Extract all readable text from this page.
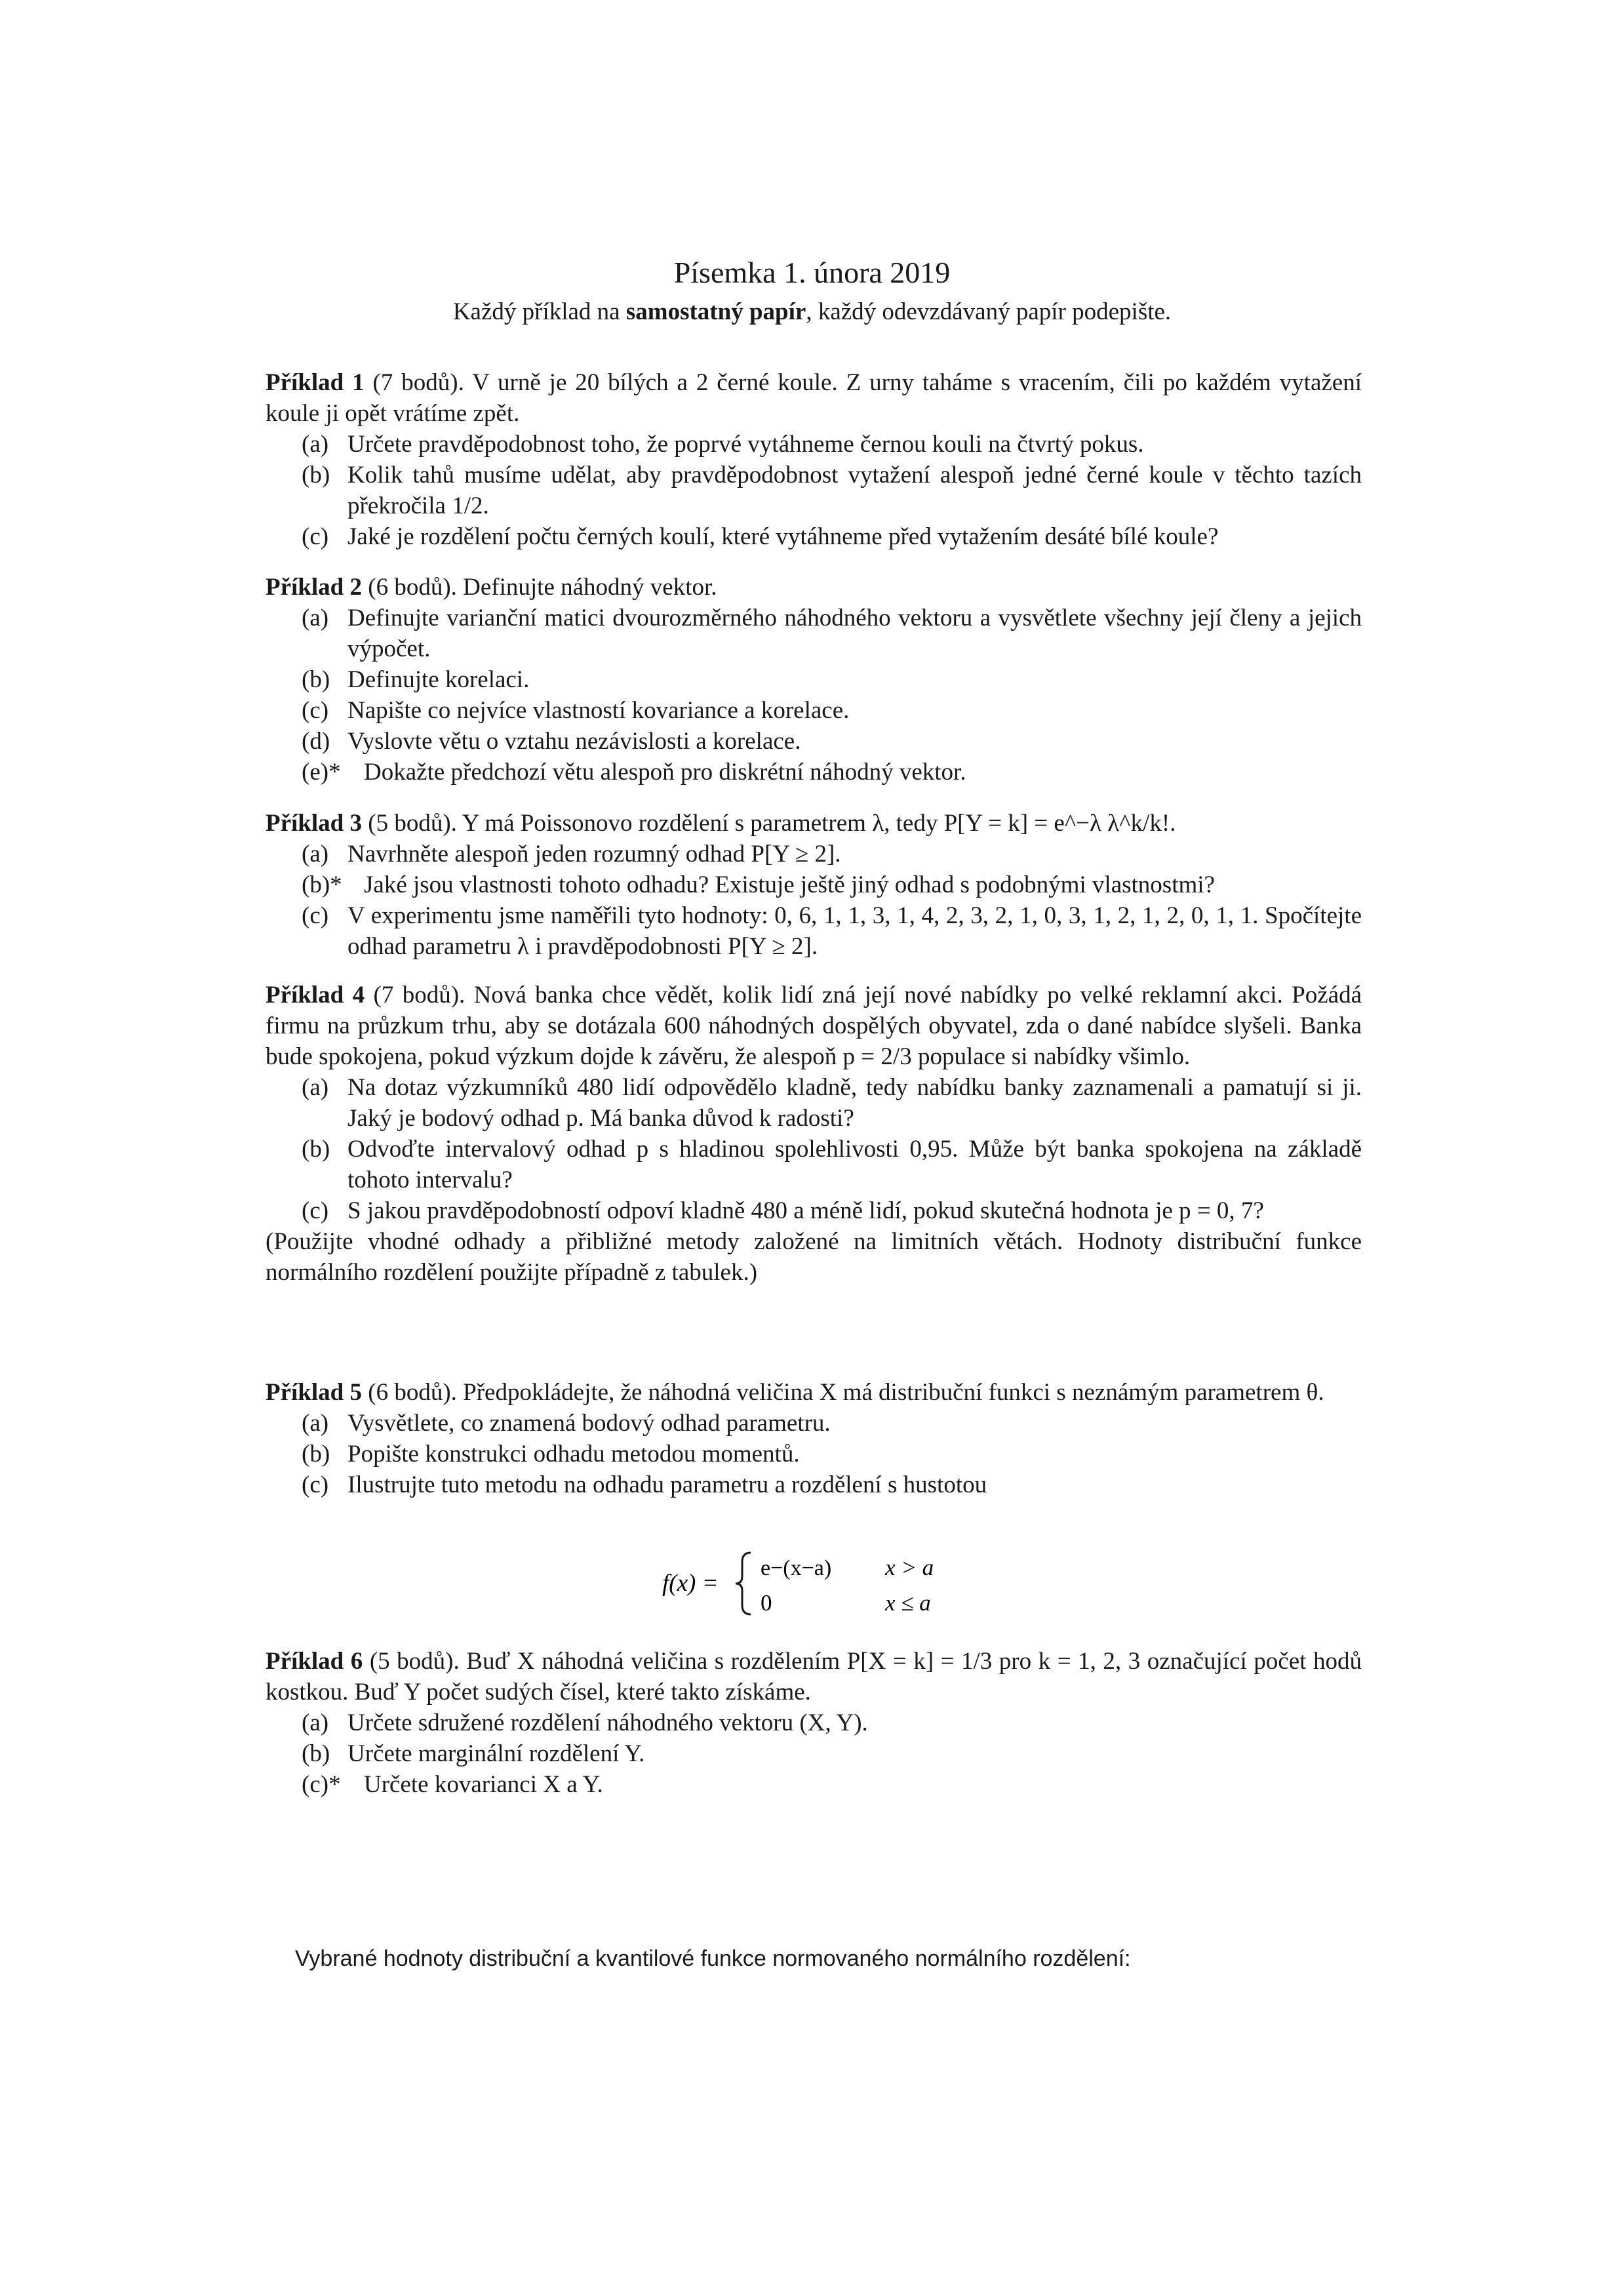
Písemka 1. února 2019
Každý příklad na samostatný papír, každý odevzdávaný papír podepište.
Příklad 1 (7 bodů). V urně je 20 bílých a 2 černé koule. Z urny taháme s vracením, čili po každém vytažení koule ji opět vrátíme zpět.
(a) Určete pravděpodobnost toho, že poprvé vytáhneme černou kouli na čtvrtý pokus.
(b) Kolik tahů musíme udělat, aby pravděpodobnost vytažení alespoň jedné černé koule v těchto tazích překročila 1/2.
(c) Jaké je rozdělení počtu černých koulí, které vytáhneme před vytažením desáté bílé koule?
Příklad 2 (6 bodů). Definujte náhodný vektor.
(a) Definujte varianční matici dvourozměrného náhodného vektoru a vysvětlete všechny její členy a jejich výpočet.
(b) Definujte korelaci.
(c) Napište co nejvíce vlastností kovariance a korelace.
(d) Vyslovte větu o vztahu nezávislosti a korelace.
(e)* Dokažte předchozí větu alespoň pro diskrétní náhodný vektor.
Příklad 3 (5 bodů). Y má Poissonovo rozdělení s parametrem λ, tedy P[Y = k] = e^−λ λ^k/k!.
(a) Navrhněte alespoň jeden rozumný odhad P[Y ≥ 2].
(b)* Jaké jsou vlastnosti tohoto odhadu? Existuje ještě jiný odhad s podobnými vlastnostmi?
(c) V experimentu jsme naměřili tyto hodnoty: 0, 6, 1, 1, 3, 1, 4, 2, 3, 2, 1, 0, 3, 1, 2, 1, 2, 0, 1, 1. Spočítejte odhad parametru λ i pravděpodobnosti P[Y ≥ 2].
Příklad 4 (7 bodů). Nová banka chce vědět, kolik lidí zná její nové nabídky po velké reklamní akci. Požádá firmu na průzkum trhu, aby se dotázala 600 náhodných dospělých obyvatel, zda o dané nabídce slyšeli. Banka bude spokojena, pokud výzkum dojde k závěru, že alespoň p = 2/3 populace si nabídky všimlo.
(a) Na dotaz výzkumníků 480 lidí odpovědělo kladně, tedy nabídku banky zaznamenali a pamatují si ji. Jaký je bodový odhad p. Má banka důvod k radosti?
(b) Odvoďte intervalový odhad p s hladinou spolehlivosti 0,95. Může být banka spokojena na základě tohoto intervalu?
(c) S jakou pravděpodobností odpoví kladně 480 a méně lidí, pokud skutečná hodnota je p = 0, 7?
(Použijte vhodné odhady a přibližné metody založené na limitních větách. Hodnoty distribuční funkce normálního rozdělení použijte případně z tabulek.)
Příklad 5 (6 bodů). Předpokládejte, že náhodná veličina X má distribuční funkci s neznámým parametrem θ.
(a) Vysvětlete, co znamená bodový odhad parametru.
(b) Popište konstrukci odhadu metodou momentů.
(c) Ilustrujte tuto metodu na odhadu parametru a rozdělení s hustotou
f(x) =
e−(x−a) x > a
0	x ≤ a
Příklad 6 (5 bodů). Buď X náhodná veličina s rozdělením P[X = k] = 1/3 pro k = 1, 2, 3 označující počet hodů kostkou. Buď Y počet sudých čísel, které takto získáme.
(a) Určete sdružené rozdělení náhodného vektoru (X, Y).
(b) Určete marginální rozdělení Y.
(c)* Určete kovarianci X a Y.
Vybrané hodnoty distribuční a kvantilové funkce normovaného normálního rozdělení:
